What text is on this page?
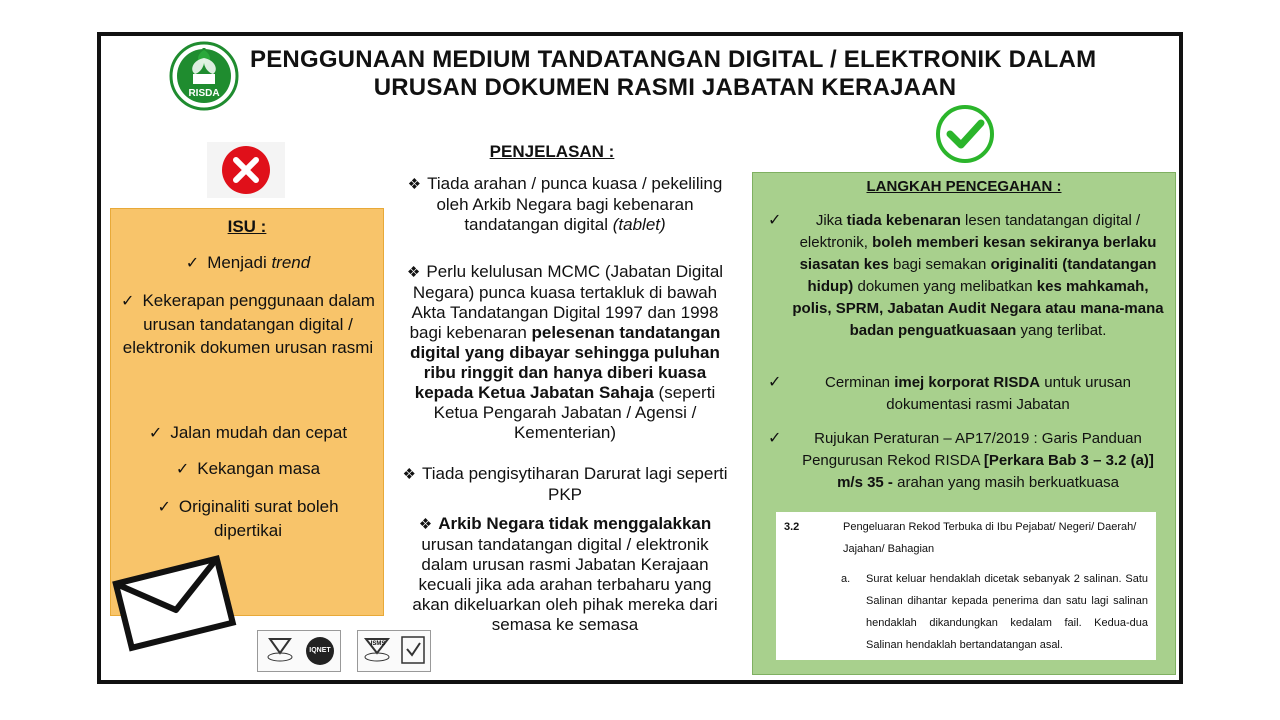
RISDA
PENGGUNAAN MEDIUM TANDATANGAN DIGITAL / ELEKTRONIK DALAM
URUSAN DOKUMEN RASMI JABATAN KERAJAAN
ISU :
✓ Menjadi trend
✓ Kekerapan penggunaan dalam urusan tandatangan digital / elektronik dokumen urusan rasmi
✓ Jalan mudah dan cepat
✓ Kekangan masa
✓ Originaliti surat boleh dipertikai
IQNET
ISMS
PENJELASAN :
❖ Tiada arahan / punca kuasa / pekeliling oleh Arkib Negara bagi kebenaran tandatangan digital (tablet)
❖ Perlu kelulusan MCMC (Jabatan Digital Negara) punca kuasa tertakluk di bawah Akta Tandatangan Digital 1997 dan 1998 bagi kebenaran pelesenan tandatangan digital yang dibayar sehingga puluhan ribu ringgit dan hanya diberi kuasa kepada Ketua Jabatan Sahaja (seperti Ketua Pengarah Jabatan / Agensi / Kementerian)
❖ Tiada pengisytiharan Darurat lagi seperti PKP
❖ Arkib Negara tidak menggalakkan urusan tandatangan digital / elektronik dalam urusan rasmi Jabatan Kerajaan kecuali jika ada arahan terbaharu yang akan dikeluarkan oleh pihak mereka dari semasa ke semasa
LANGKAH PENCEGAHAN :
✓	Jika tiada kebenaran lesen tandatangan digital / elektronik, boleh memberi kesan sekiranya berlaku siasatan kes bagi semakan originaliti (tandatangan hidup) dokumen yang melibatkan kes mahkamah, polis, SPRM, Jabatan Audit Negara atau mana-mana badan penguatkuasaan yang terlibat.
✓	Cerminan imej korporat RISDA untuk urusan dokumentasi rasmi Jabatan
✓	Rujukan Peraturan – AP17/2019 : Garis Panduan Pengurusan Rekod RISDA [Perkara Bab 3 – 3.2 (a)] m/s 35 - arahan yang masih berkuatkuasa
3.2	Pengeluaran Rekod Terbuka di Ibu Pejabat/ Negeri/ Daerah/ Jajahan/ Bahagian
a. Surat keluar hendaklah dicetak sebanyak 2 salinan. Satu Salinan dihantar kepada penerima dan satu lagi salinan hendaklah dikandungkan kedalam fail. Kedua-dua Salinan hendaklah bertandatangan asal.
